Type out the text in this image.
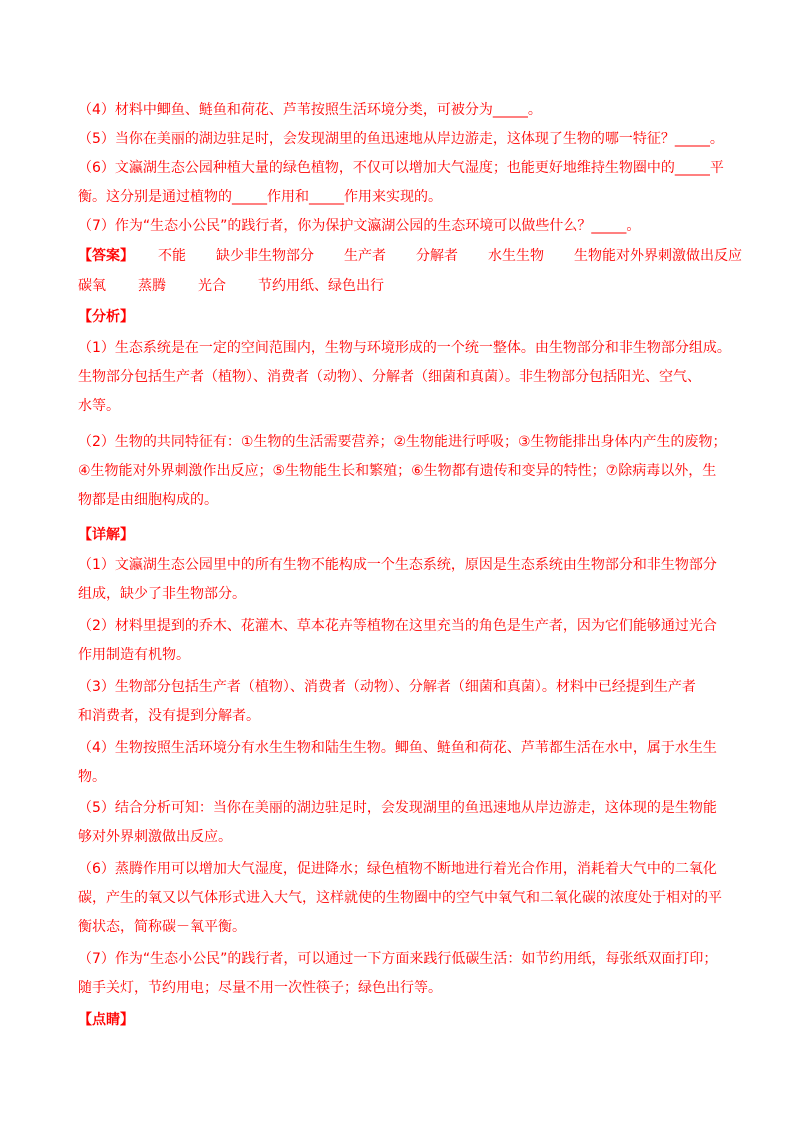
（4）材料中鲫鱼、鲢鱼和荷花、芦苇按照生活环境分类，可被分为_____。
（5）当你在美丽的湖边驻足时，会发现湖里的鱼迅速地从岸边游走，这体现了生物的哪一特征？_____。
（6）文瀛湖生态公园种植大量的绿色植物，不仅可以增加大气湿度；也能更好地维持生物圈中的_____平
衡。这分别是通过植物的_____作用和_____作用来实现的。
（7）作为“生态小公民”的践行者，你为保护文瀛湖公园的生态环境可以做些什么？_____。
【答案】 不能 缺少非生物部分 生产者 分解者 水生生物 生物能对外界刺激做出反应
碳氧 蒸腾 光合 节约用纸、绿色出行
【分析】
（1）生态系统是在一定的空间范围内，生物与环境形成的一个统一整体。由生物部分和非生物部分组成。
生物部分包括生产者（植物）、消费者（动物）、分解者（细菌和真菌）。非生物部分包括阳光、空气、
水等。
（2）生物的共同特征有：①生物的生活需要营养；②生物能进行呼吸；③生物能排出身体内产生的废物；
④生物能对外界刺激作出反应；⑤生物能生长和繁殖；⑥生物都有遗传和变异的特性；⑦除病毒以外，生
物都是由细胞构成的。
【详解】
（1）文瀛湖生态公园里中的所有生物不能构成一个生态系统，原因是生态系统由生物部分和非生物部分
组成，缺少了非生物部分。
（2）材料里提到的乔木、花灌木、草本花卉等植物在这里充当的角色是生产者，因为它们能够通过光合
作用制造有机物。
（3）生物部分包括生产者（植物）、消费者（动物）、分解者（细菌和真菌）。材料中已经提到生产者
和消费者，没有提到分解者。
（4）生物按照生活环境分有水生生物和陆生生物。鲫鱼、鲢鱼和荷花、芦苇都生活在水中，属于水生生
物。
（5）结合分析可知：当你在美丽的湖边驻足时，会发现湖里的鱼迅速地从岸边游走，这体现的是生物能
够对外界刺激做出反应。
（6）蒸腾作用可以增加大气湿度，促进降水；绿色植物不断地进行着光合作用，消耗着大气中的二氧化
碳，产生的氧又以气体形式进入大气，这样就使的生物圈中的空气中氧气和二氧化碳的浓度处于相对的平
衡状态，简称碳－氧平衡。
（7）作为“生态小公民”的践行者，可以通过一下方面来践行低碳生活：如节约用纸，每张纸双面打印；
随手关灯，节约用电；尽量不用一次性筷子；绿色出行等。
【点睛】
